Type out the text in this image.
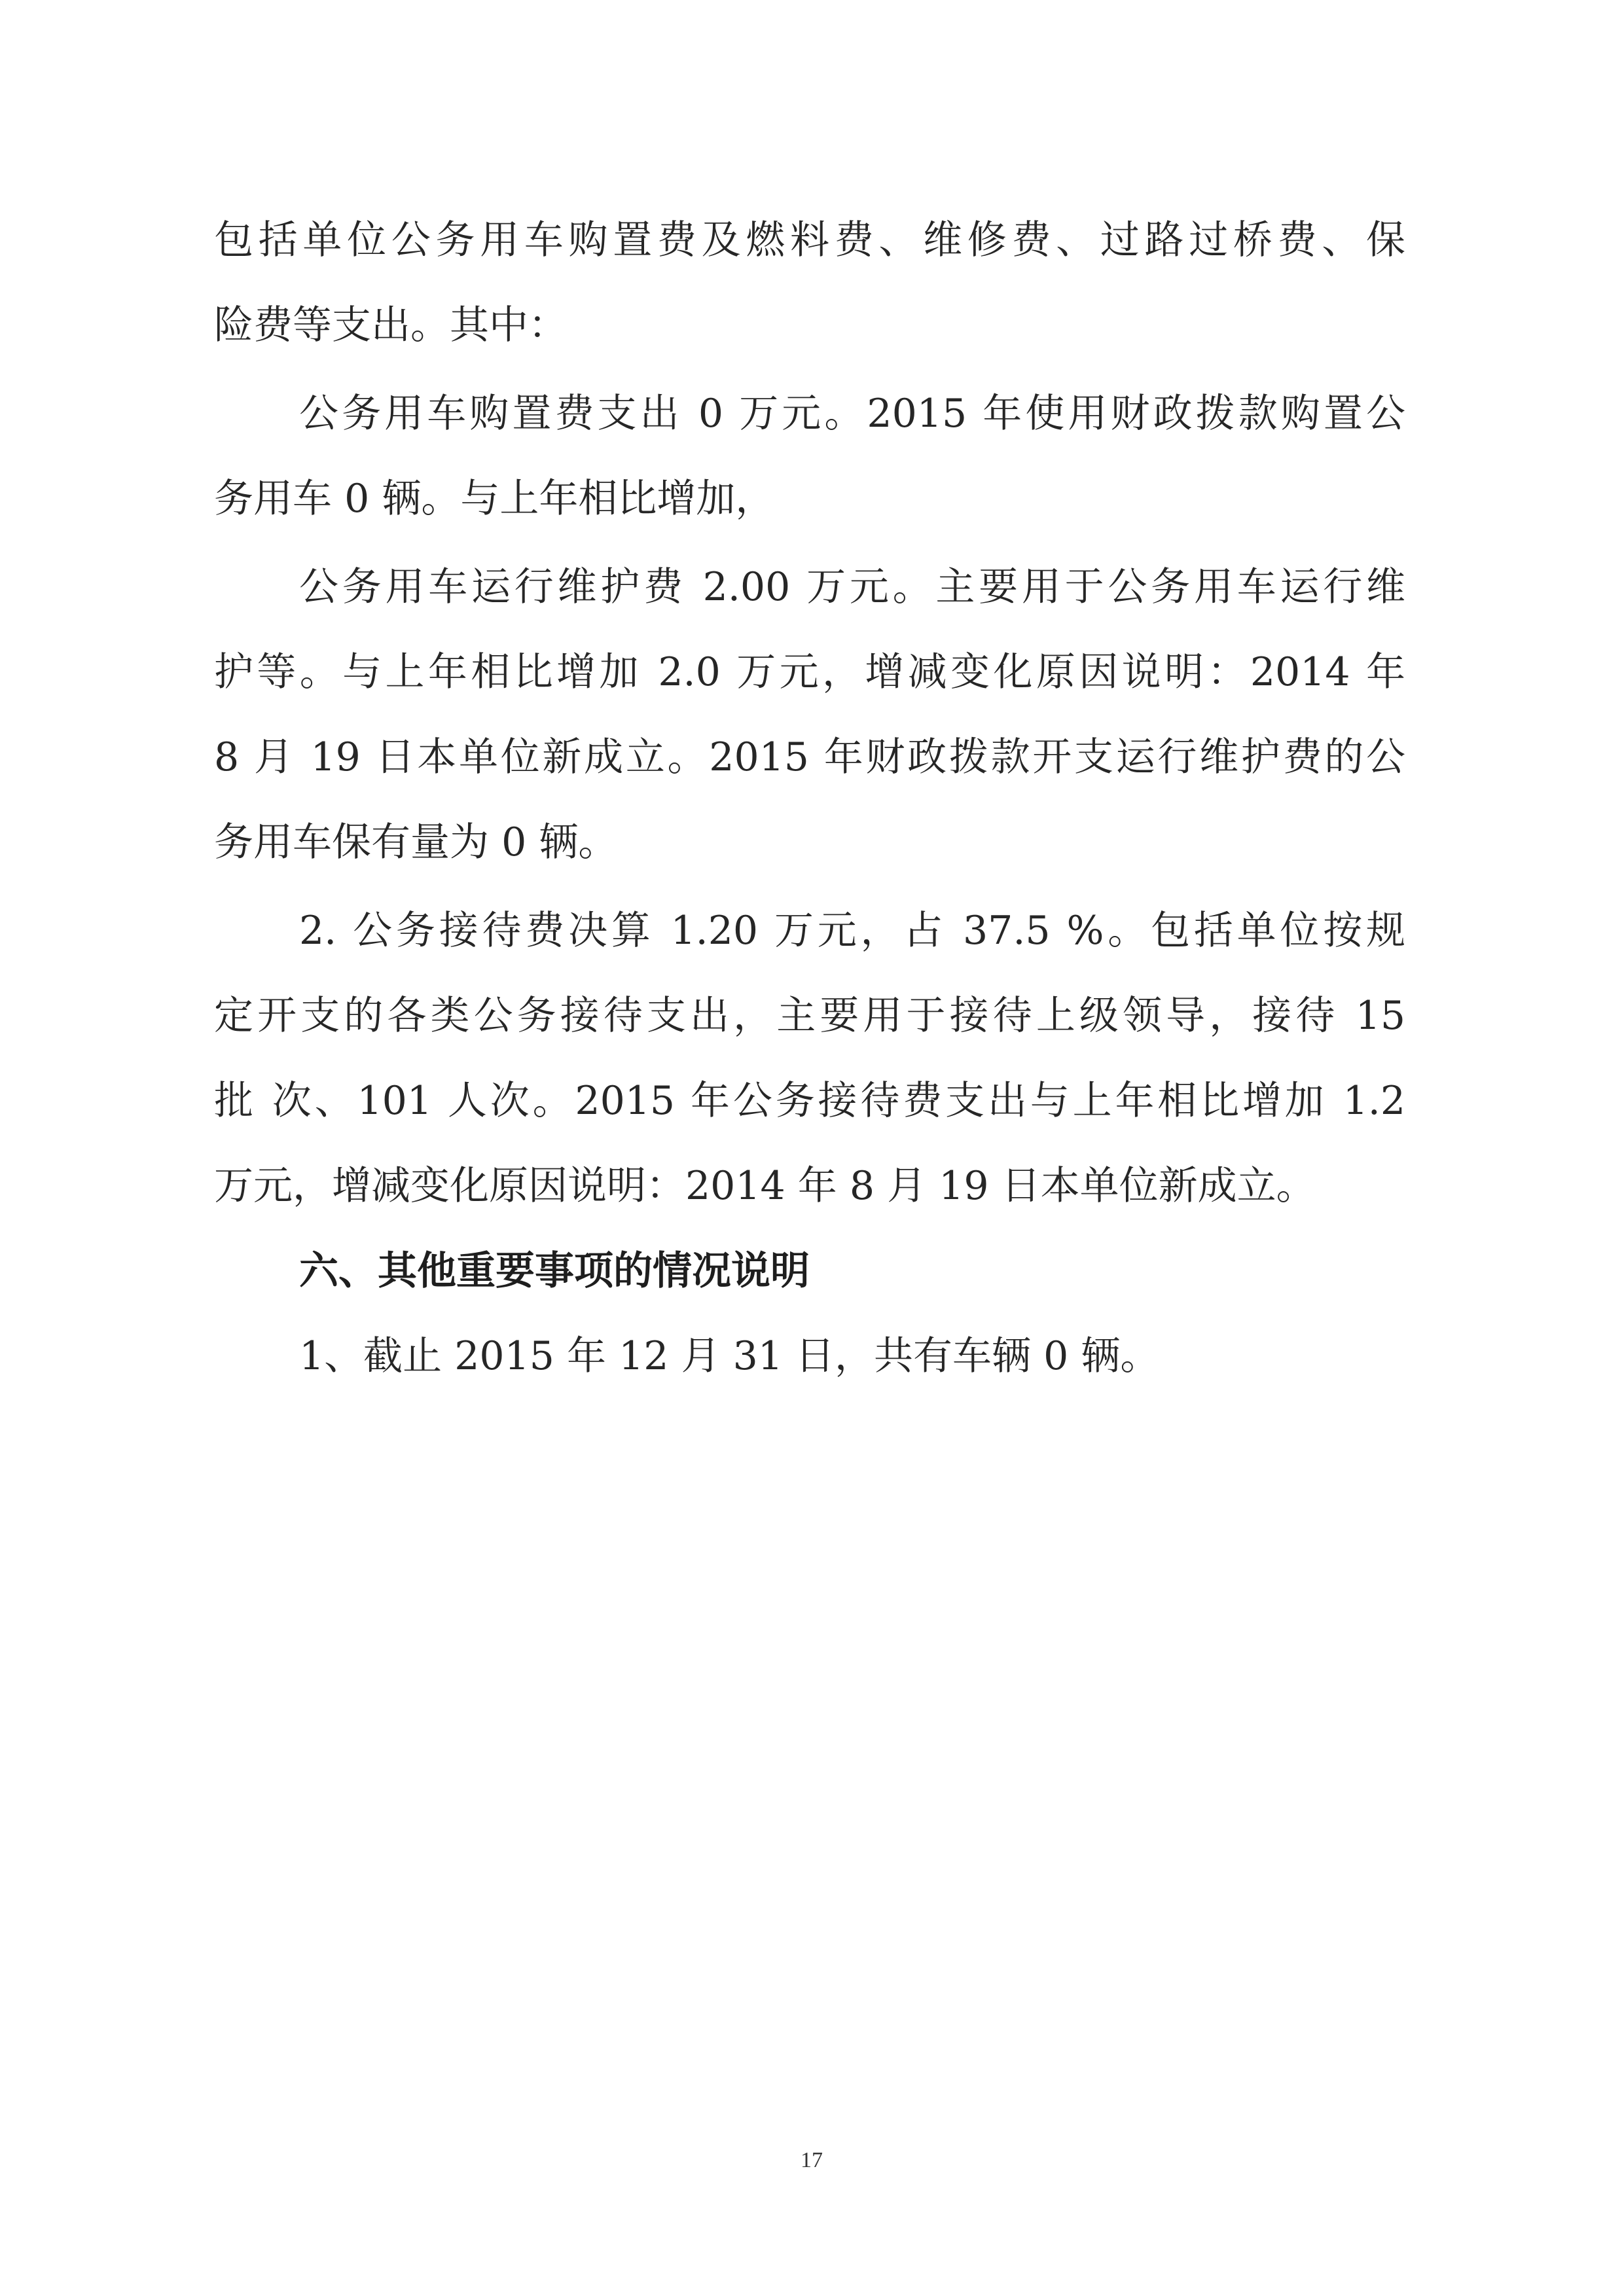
包括单位公务用车购置费及燃料费、维修费、过路过桥费、保
险费等支出。其中：
公务用车购置费支出 0 万元。2015 年使用财政拨款购置公
务用车 0 辆。与上年相比增加，
公务用车运行维护费 2.00 万元。主要用于公务用车运行维
护等。与上年相比增加 2.0 万元，增减变化原因说明：2014 年
8 月 19 日本单位新成立。2015 年财政拨款开支运行维护费的公
务用车保有量为 0 辆。
2. 公务接待费决算 1.20 万元，占 37.5 %。包括单位按规
定开支的各类公务接待支出，主要用于接待上级领导，接待 15
批 次、101 人次。2015 年公务接待费支出与上年相比增加 1.2
万元，增减变化原因说明：2014 年 8 月 19 日本单位新成立。
六、其他重要事项的情况说明
1、截止 2015 年 12 月 31 日，共有车辆 0 辆。
17
